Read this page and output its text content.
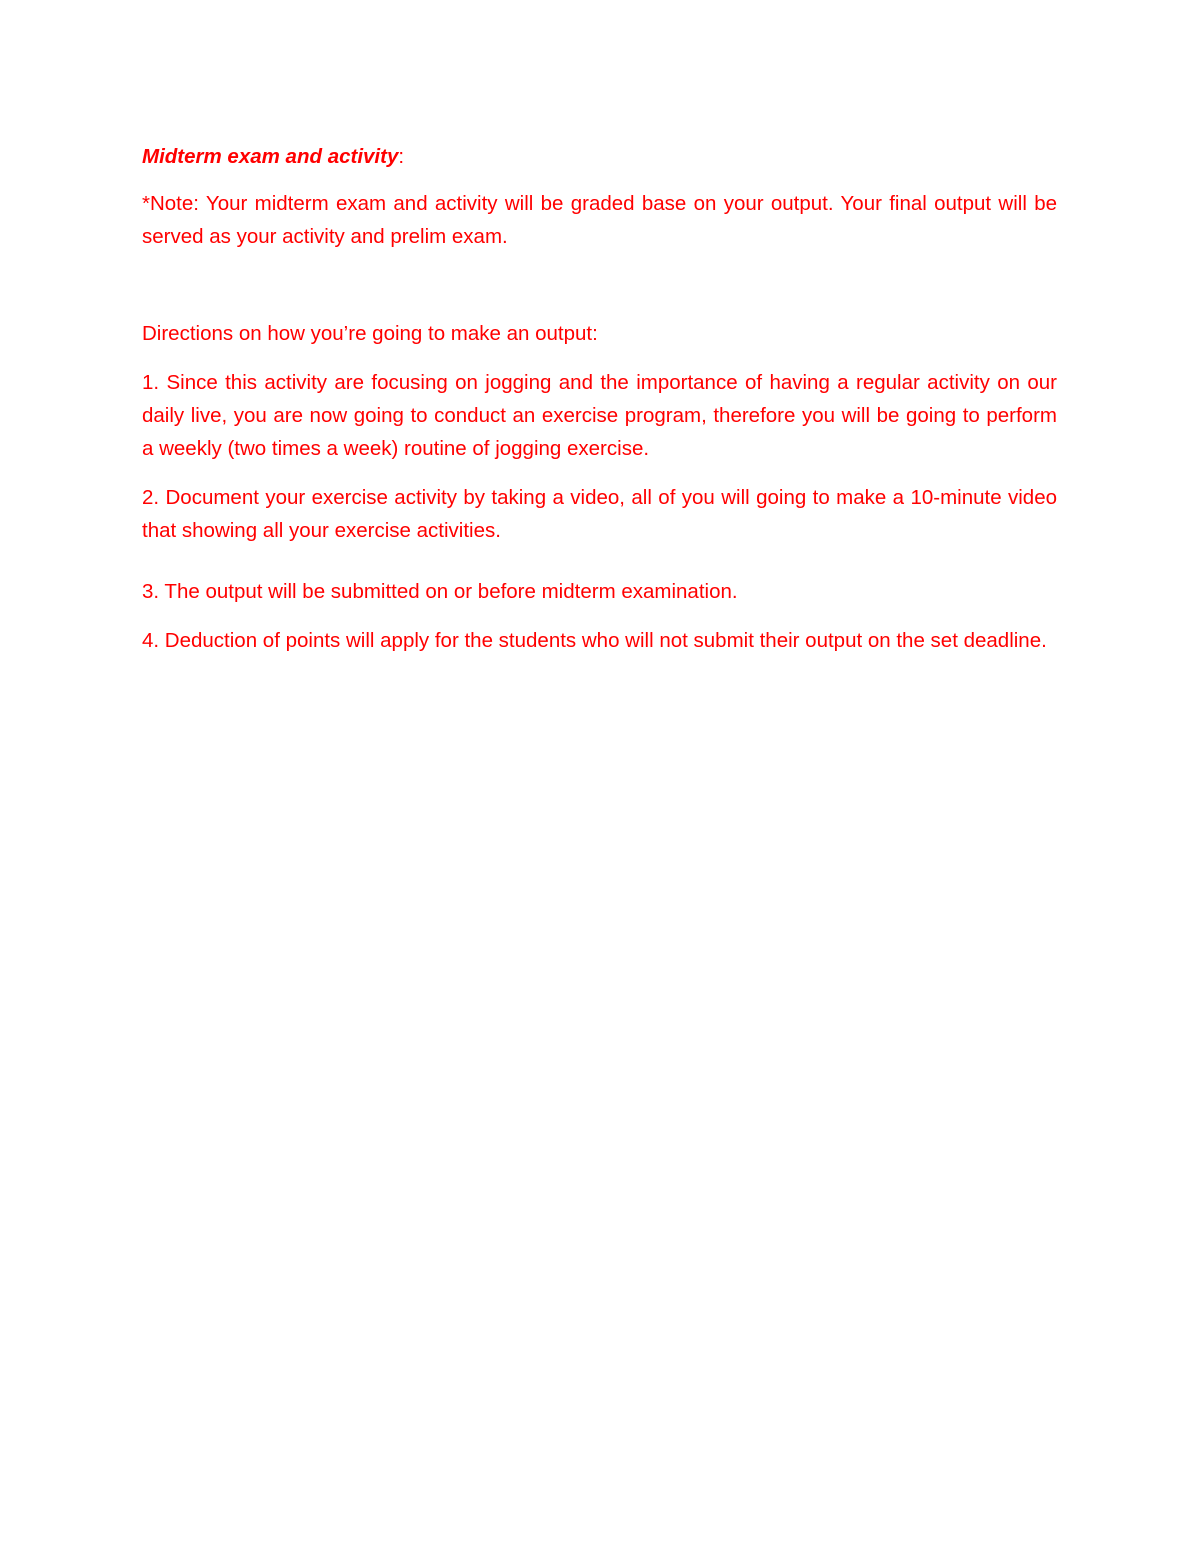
Midterm exam and activity:

*Note: Your midterm exam and activity will be graded base on your output. Your final output will be served as your activity and prelim exam.

Directions on how you’re going to make an output:

1. Since this activity are focusing on jogging and the importance of having a regular activity on our daily live, you are now going to conduct an exercise program, therefore you will be going to perform a weekly (two times a week) routine of jogging exercise.

2. Document your exercise activity by taking a video, all of you will going to make a 10-minute video that showing all your exercise activities.

3. The output will be submitted on or before midterm examination.

4. Deduction of points will apply for the students who will not submit their output on the set deadline.
